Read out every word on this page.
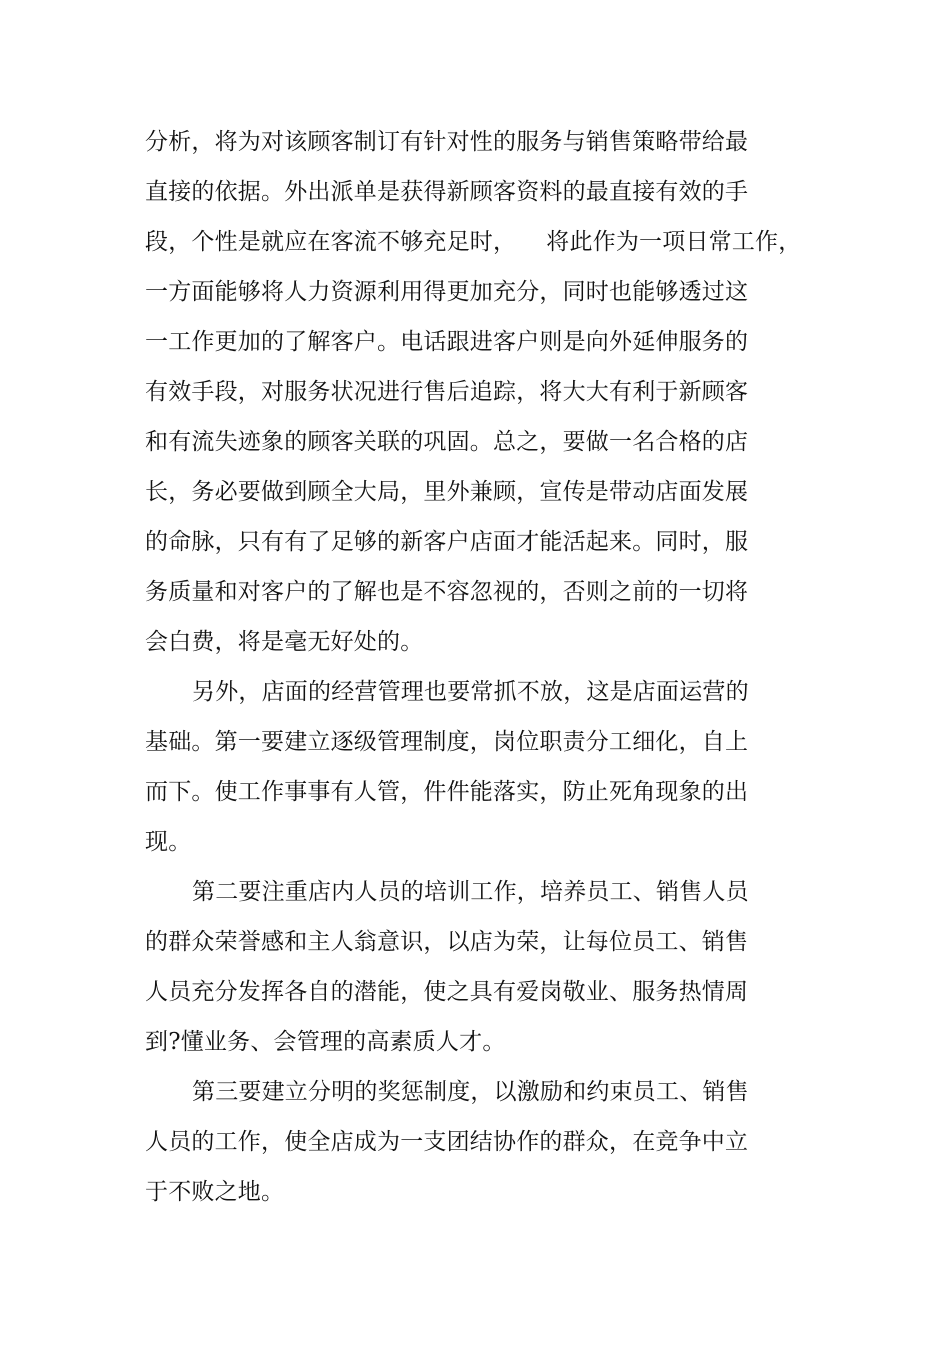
分析，将为对该顾客制订有针对性的服务与销售策略带给最
直接的依据。外出派单是获得新顾客资料的最直接有效的手
段，个性是就应在客流不够充足时，    将此作为一项日常工作，
一方面能够将人力资源利用得更加充分，同时也能够透过这
一工作更加的了解客户。电话跟进客户则是向外延伸服务的
有效手段，对服务状况进行售后追踪，将大大有利于新顾客
和有流失迹象的顾客关联的巩固。总之，要做一名合格的店
长，务必要做到顾全大局，里外兼顾，宣传是带动店面发展
的命脉，只有有了足够的新客户店面才能活起来。同时，服
务质量和对客户的了解也是不容忽视的，否则之前的一切将
会白费，将是毫无好处的。
另外，店面的经营管理也要常抓不放，这是店面运营的
基础。第一要建立逐级管理制度，岗位职责分工细化，自上
而下。使工作事事有人管，件件能落实，防止死角现象的出
现。
第二要注重店内人员的培训工作，培养员工、销售人员
的群众荣誉感和主人翁意识，以店为荣，让每位员工、销售
人员充分发挥各自的潜能，使之具有爱岗敬业、服务热情周
到?懂业务、会管理的高素质人才。
第三要建立分明的奖惩制度，以激励和约束员工、销售
人员的工作，使全店成为一支团结协作的群众，在竞争中立
于不败之地。
